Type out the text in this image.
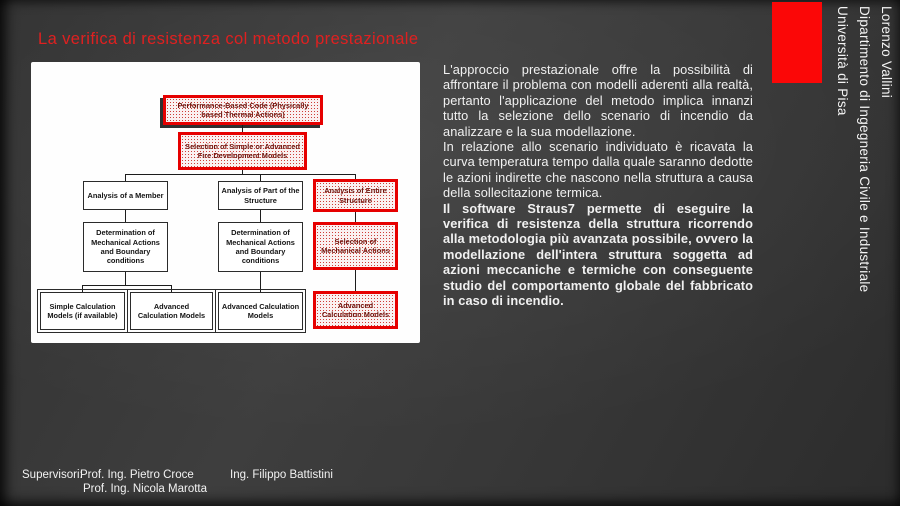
La verifica di resistenza col metodo prestazionale	Lorenzo Vallini
Dipartimento di Ingegneria Civile e Industriale
Università di Pisa
Performance-Based Code (Physically based Thermal Actions)
Selection of Simple or Advanced Fire Development Models
Analysis of a Member
Analysis of Part of the Structure
Analysis of Entire Structure
Determination of Mechanical Actions and Boundary conditions
Determination of Mechanical Actions and Boundary conditions
Selection of Mechanical Actions
Simple Calculation Models (if available)
Advanced Calculation Models
Advanced Calculation Models
Advanced Calculation Models

L'approccio prestazionale offre la possibilità di affrontare il problema con modelli aderenti alla realtà, pertanto l'applicazione del metodo implica innanzi tutto la selezione dello scenario di incendio da analizzare e la sua modellazione.

In relazione allo scenario individuato è ricavata la curva temperatura tempo dalla quale saranno dedotte le azioni indirette che nascono nella struttura a causa della sollecitazione termica.

Il software Straus7 permette di eseguire la verifica di resistenza della struttura ricorrendo alla metodologia più avanzata possibile, ovvero la modellazione dell'intera struttura soggetta ad azioni meccaniche e termiche con conseguente studio del comportamento globale del fabbricato in caso di incendio.

Supervisori:
Prof. Ing. Pietro Croce	Ing. Filippo Battistini
Prof. Ing. Nicola Marotta
